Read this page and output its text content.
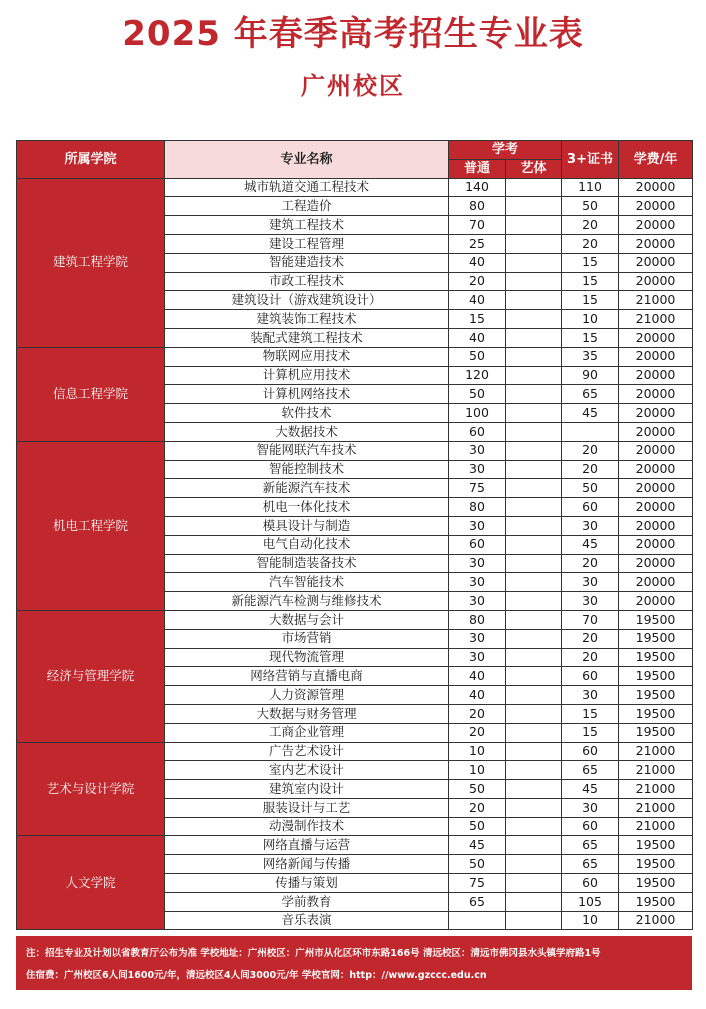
2025 年春季高考招生专业表
广州校区
所属学院	专业名称	学考		3+证书	学费/年
		普通	艺体		
建筑工程学院	城市轨道交通工程技术	140		110	20000
	工程造价	80		50	20000
	建筑工程技术	70		20	20000
	建设工程管理	25		20	20000
	智能建造技术	40		15	20000
	市政工程技术	20		15	20000
	建筑设计（游戏建筑设计）	40		15	21000
	建筑装饰工程技术	15		10	21000
	装配式建筑工程技术	40		15	20000
信息工程学院	物联网应用技术	50		35	20000
	计算机应用技术	120		90	20000
	计算机网络技术	50		65	20000
	软件技术	100		45	20000
	大数据技术	60			20000
机电工程学院	智能网联汽车技术	30		20	20000
	智能控制技术	30		20	20000
	新能源汽车技术	75		50	20000
	机电一体化技术	80		60	20000
	模具设计与制造	30		30	20000
	电气自动化技术	60		45	20000
	智能制造装备技术	30		20	20000
	汽车智能技术	30		30	20000
	新能源汽车检测与维修技术	30		30	20000
经济与管理学院	大数据与会计	80		70	19500
	市场营销	30		20	19500
	现代物流管理	30		20	19500
	网络营销与直播电商	40		60	19500
	人力资源管理	40		30	19500
	大数据与财务管理	20		15	19500
	工商企业管理	20		15	19500
艺术与设计学院	广告艺术设计	10		60	21000
	室内艺术设计	10		65	21000
	建筑室内设计	50		45	21000
	服装设计与工艺	20		30	21000
	动漫制作技术	50		60	21000
人文学院	网络直播与运营	45		65	19500
	网络新闻与传播	50		65	19500
	传播与策划	75		60	19500
	学前教育	65		105	19500
	音乐表演			10	21000
注：招生专业及计划以省教育厅公布为准 学校地址：广州校区：广州市从化区环市东路166号 清远校区：清远市佛冈县水头镇学府路1号
住宿费：广州校区6人间1600元/年，清远校区4人间3000元/年 学校官网：http：//www.gzccc.edu.cn
